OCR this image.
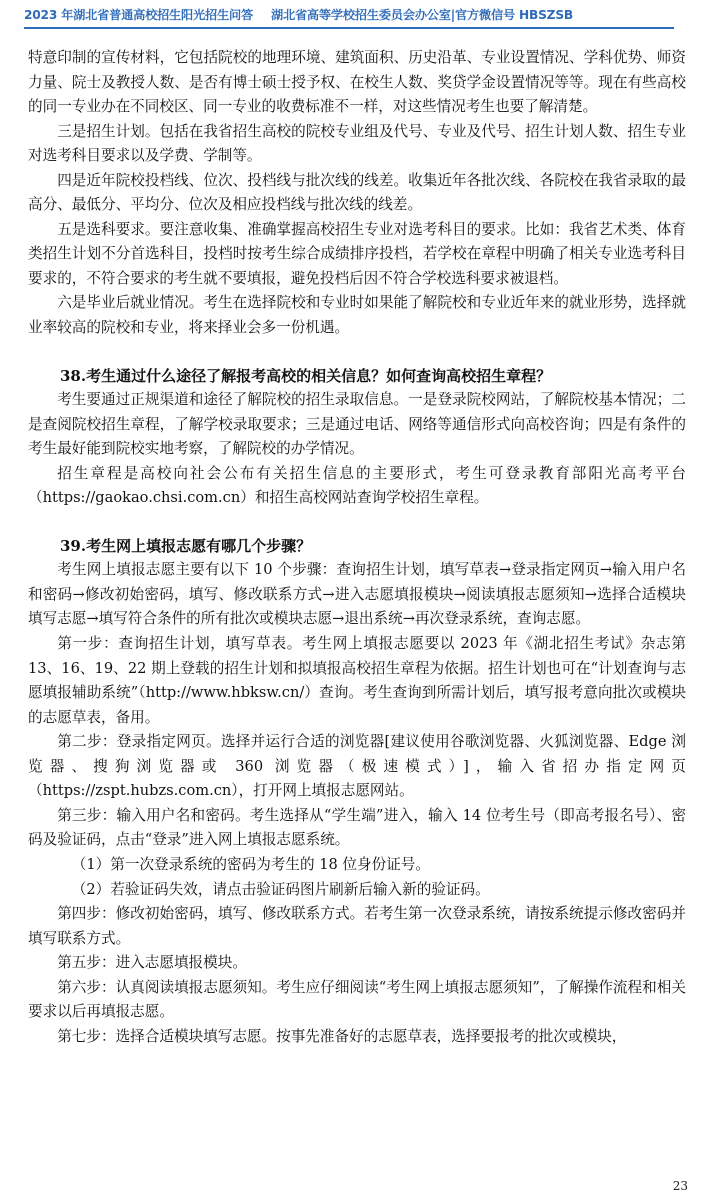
2023 年湖北省普通高校招生阳光招生问答 湖北省高等学校招生委员会办公室|官方微信号 HBSZSB

特意印制的宣传材料，它包括院校的地理环境、建筑面积、历史沿革、专业设置情况、学科优势、师资力量、院士及教授人数、是否有博士硕士授予权、在校生人数、奖贷学金设置情况等等。现在有些高校的同一专业办在不同校区、同一专业的收费标准不一样，对这些情况考生也要了解清楚。

三是招生计划。包括在我省招生高校的院校专业组及代号、专业及代号、招生计划人数、招生专业对选考科目要求以及学费、学制等。

四是近年院校投档线、位次、投档线与批次线的线差。收集近年各批次线、各院校在我省录取的最高分、最低分、平均分、位次及相应投档线与批次线的线差。

五是选科要求。要注意收集、准确掌握高校招生专业对选考科目的要求。比如：我省艺术类、体育类招生计划不分首选科目，投档时按考生综合成绩排序投档，若学校在章程中明确了相关专业选考科目要求的，不符合要求的考生就不要填报，避免投档后因不符合学校选科要求被退档。

六是毕业后就业情况。考生在选择院校和专业时如果能了解院校和专业近年来的就业形势，选择就业率较高的院校和专业，将来择业会多一份机遇。

38.考生通过什么途径了解报考高校的相关信息？如何查询高校招生章程？

考生要通过正规渠道和途径了解院校的招生录取信息。一是登录院校网站，了解院校基本情况；二是查阅院校招生章程，了解学校录取要求；三是通过电话、网络等通信形式向高校咨询；四是有条件的考生最好能到院校实地考察，了解院校的办学情况。

招生章程是高校向社会公布有关招生信息的主要形式，考生可登录教育部阳光高考平台（https://gaokao.chsi.com.cn）和招生高校网站查询学校招生章程。

39.考生网上填报志愿有哪几个步骤？

考生网上填报志愿主要有以下 10 个步骤：查询招生计划，填写草表→登录指定网页→输入用户名和密码→修改初始密码，填写、修改联系方式→进入志愿填报模块→阅读填报志愿须知→选择合适模块填写志愿→填写符合条件的所有批次或模块志愿→退出系统→再次登录系统，查询志愿。

第一步：查询招生计划，填写草表。考生网上填报志愿要以 2023 年《湖北招生考试》杂志第 13、16、19、22 期上登载的招生计划和拟填报高校招生章程为依据。招生计划也可在“计划查询与志愿填报辅助系统”（http://www.hbksw.cn/）查询。考生查询到所需计划后，填写报考意向批次或模块的志愿草表，备用。

第二步：登录指定网页。选择并运行合适的浏览器[建议使用谷歌浏览器、火狐浏览器、Edge 浏览器、搜狗浏览器或 360 浏览器（极速模式）]，输入省招办指定网页（https://zspt.hubzs.com.cn），打开网上填报志愿网站。

第三步：输入用户名和密码。考生选择从“学生端”进入，输入 14 位考生号（即高考报名号）、密码及验证码，点击“登录”进入网上填报志愿系统。

（1）第一次登录系统的密码为考生的 18 位身份证号。

（2）若验证码失效，请点击验证码图片刷新后输入新的验证码。

第四步：修改初始密码，填写、修改联系方式。若考生第一次登录系统，请按系统提示修改密码并填写联系方式。

第五步：进入志愿填报模块。

第六步：认真阅读填报志愿须知。考生应仔细阅读“考生网上填报志愿须知”，了解操作流程和相关要求以后再填报志愿。

第七步：选择合适模块填写志愿。按事先准备好的志愿草表，选择要报考的批次或模块，

23
